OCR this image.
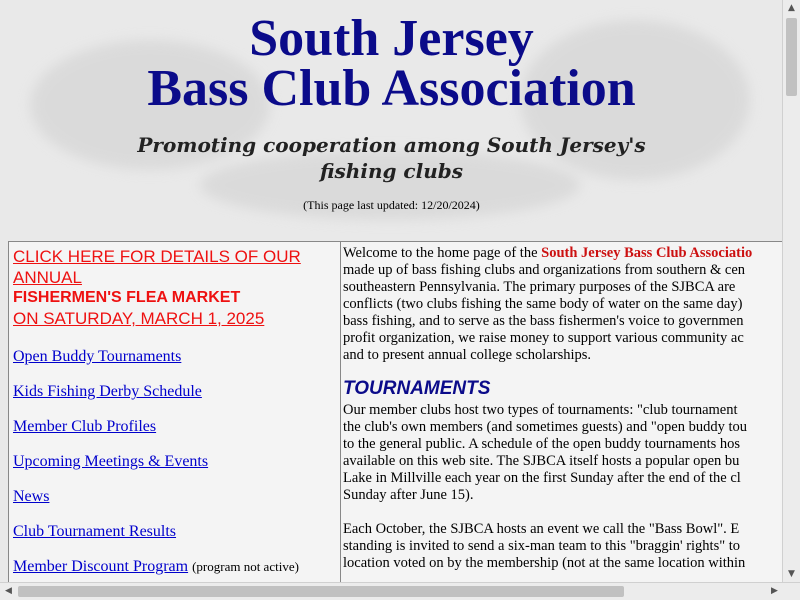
South Jersey
Bass Club Association
Promoting cooperation among South Jersey's
fishing clubs
(This page last updated: 12/20/2024)
CLICK HERE FOR DETAILS OF OUR ANNUAL
FISHERMEN'S FLEA MARKET
ON SATURDAY, MARCH 1, 2025
Open Buddy Tournaments
Kids Fishing Derby Schedule
Member Club Profiles
Upcoming Meetings & Events
News
Club Tournament Results
Member Discount Program (program not active)

Welcome to the home page of the South Jersey Bass Club Associatio

made up of bass fishing clubs and organizations from southern & cen

southeastern Pennsylvania. The primary purposes of the SJBCA are

conflicts (two clubs fishing the same body of water on the same day)

bass fishing, and to serve as the bass fishermen's voice to governmen

profit organization, we raise money to support various community ac

and to present annual college scholarships.

TOURNAMENTS

Our member clubs host two types of tournaments: "club tournament

the club's own members (and sometimes guests) and "open buddy tou

to the general public. A schedule of the open buddy tournaments hos

available on this web site. The SJBCA itself hosts a popular open bu

Lake in Millville each year on the first Sunday after the end of the cl

Sunday after June 15).

Each October, the SJBCA hosts an event we call the "Bass Bowl". E

standing is invited to send a six-man team to this "braggin' rights" to

location voted on by the membership (not at the same location within

▲
▼
◀	▶
